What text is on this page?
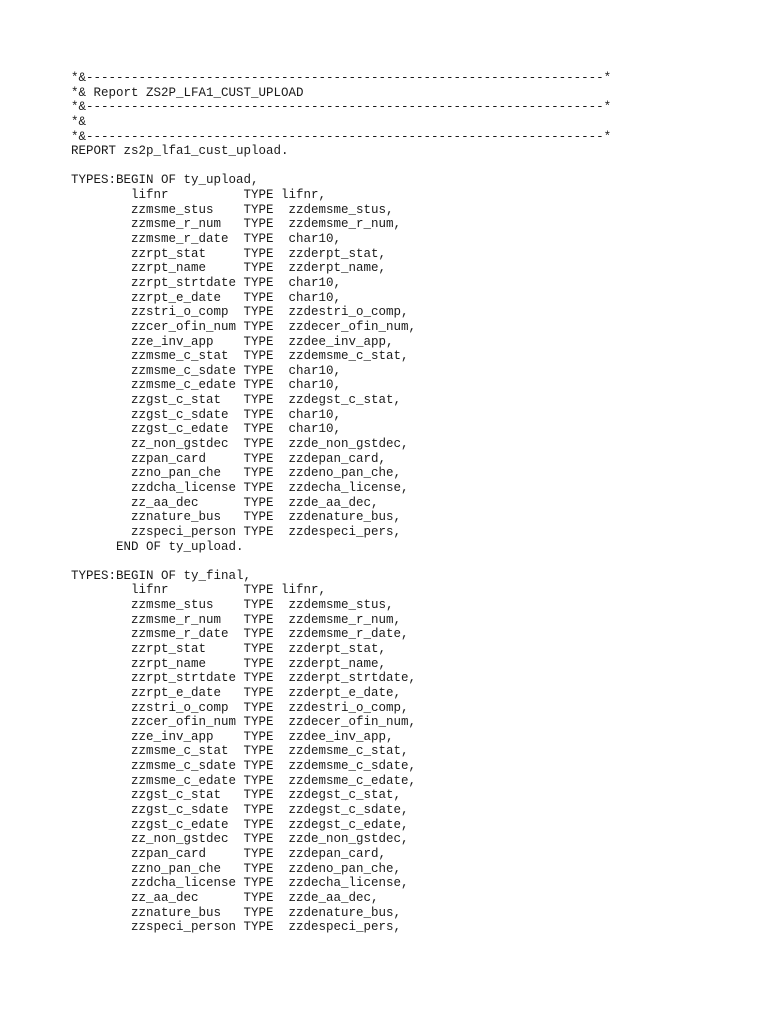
*&---------------------------------------------------------------------*
*& Report ZS2P_LFA1_CUST_UPLOAD
*&---------------------------------------------------------------------*
*&
*&---------------------------------------------------------------------*
REPORT zs2p_lfa1_cust_upload.
TYPES:BEGIN OF ty_upload,
lifnr          TYPE lifnr,
zzmsme_stus    TYPE  zzdemsme_stus,
zzmsme_r_num   TYPE  zzdemsme_r_num,
zzmsme_r_date  TYPE  char10,
zzrpt_stat     TYPE  zzderpt_stat,
zzrpt_name     TYPE  zzderpt_name,
zzrpt_strtdate TYPE  char10,
zzrpt_e_date   TYPE  char10,
zzstri_o_comp  TYPE  zzdestri_o_comp,
zzcer_ofin_num TYPE  zzdecer_ofin_num,
zze_inv_app    TYPE  zzdee_inv_app,
zzmsme_c_stat  TYPE  zzdemsme_c_stat,
zzmsme_c_sdate TYPE  char10,
zzmsme_c_edate TYPE  char10,
zzgst_c_stat   TYPE  zzdegst_c_stat,
zzgst_c_sdate  TYPE  char10,
zzgst_c_edate  TYPE  char10,
zz_non_gstdec  TYPE  zzde_non_gstdec,
zzpan_card     TYPE  zzdepan_card,
zzno_pan_che   TYPE  zzdeno_pan_che,
zzdcha_license TYPE  zzdecha_license,
zz_aa_dec      TYPE  zzde_aa_dec,
zznature_bus   TYPE  zzdenature_bus,
zzspeci_person TYPE  zzdespeci_pers,
END OF ty_upload.
TYPES:BEGIN OF ty_final,
lifnr          TYPE lifnr,
zzmsme_stus    TYPE  zzdemsme_stus,
zzmsme_r_num   TYPE  zzdemsme_r_num,
zzmsme_r_date  TYPE  zzdemsme_r_date,
zzrpt_stat     TYPE  zzderpt_stat,
zzrpt_name     TYPE  zzderpt_name,
zzrpt_strtdate TYPE  zzderpt_strtdate,
zzrpt_e_date   TYPE  zzderpt_e_date,
zzstri_o_comp  TYPE  zzdestri_o_comp,
zzcer_ofin_num TYPE  zzdecer_ofin_num,
zze_inv_app    TYPE  zzdee_inv_app,
zzmsme_c_stat  TYPE  zzdemsme_c_stat,
zzmsme_c_sdate TYPE  zzdemsme_c_sdate,
zzmsme_c_edate TYPE  zzdemsme_c_edate,
zzgst_c_stat   TYPE  zzdegst_c_stat,
zzgst_c_sdate  TYPE  zzdegst_c_sdate,
zzgst_c_edate  TYPE  zzdegst_c_edate,
zz_non_gstdec  TYPE  zzde_non_gstdec,
zzpan_card     TYPE  zzdepan_card,
zzno_pan_che   TYPE  zzdeno_pan_che,
zzdcha_license TYPE  zzdecha_license,
zz_aa_dec      TYPE  zzde_aa_dec,
zznature_bus   TYPE  zzdenature_bus,
zzspeci_person TYPE  zzdespeci_pers,
